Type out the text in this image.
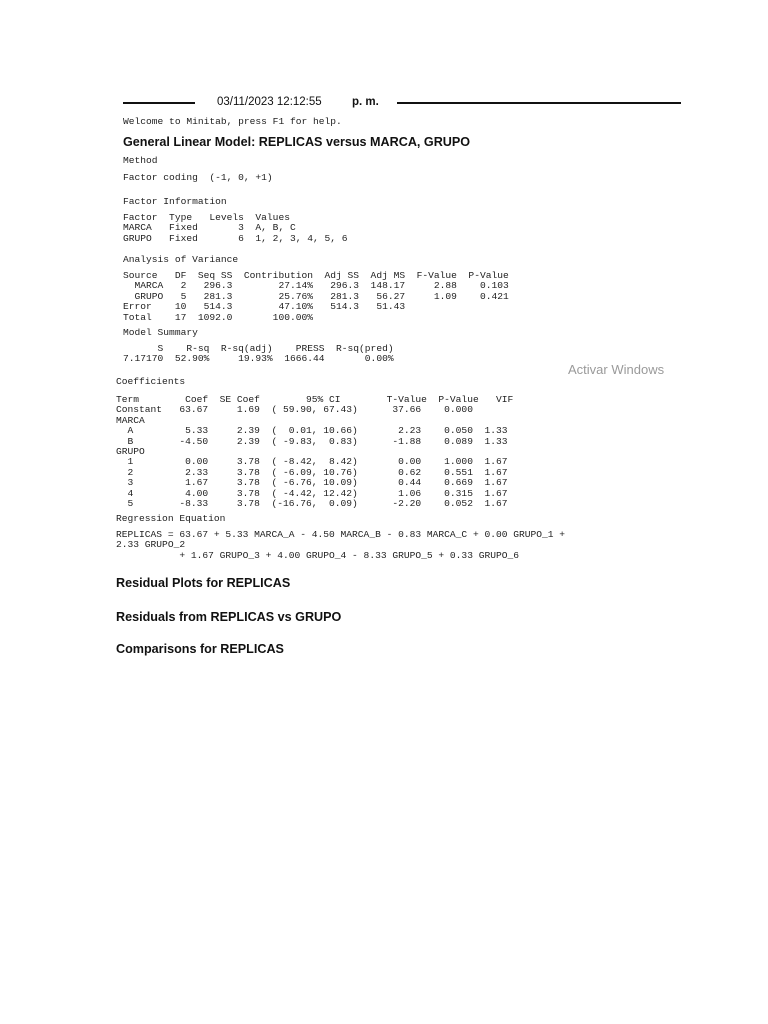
03/11/2023 12:12:55	p. m.
Welcome to Minitab, press F1 for help.
General Linear Model: REPLICAS versus MARCA, GRUPO
Method
Factor coding  (-1, 0, +1)
Factor Information
Factor  Type   Levels  Values
MARCA   Fixed       3  A, B, C
GRUPO   Fixed       6  1, 2, 3, 4, 5, 6
Analysis of Variance
Source   DF  Seq SS  Contribution  Adj SS  Adj MS  F-Value  P-Value
MARCA   2   296.3        27.14%   296.3  148.17     2.88    0.103
GRUPO   5   281.3        25.76%   281.3   56.27     1.09    0.421
Error    10   514.3        47.10%   514.3   51.43
Total    17  1092.0       100.00%
Model Summary
S    R-sq  R-sq(adj)    PRESS  R-sq(pred)
7.17170  52.90%     19.93%  1666.44       0.00%
Activar Windows
Coefficients
Term        Coef  SE Coef        95% CI        T-Value  P-Value   VIF
Constant   63.67     1.69  ( 59.90, 67.43)      37.66    0.000
MARCA
A         5.33     2.39  (  0.01, 10.66)       2.23    0.050  1.33
B        -4.50     2.39  ( -9.83,  0.83)      -1.88    0.089  1.33
GRUPO
1         0.00     3.78  ( -8.42,  8.42)       0.00    1.000  1.67
2         2.33     3.78  ( -6.09, 10.76)       0.62    0.551  1.67
3         1.67     3.78  ( -6.76, 10.09)       0.44    0.669  1.67
4         4.00     3.78  ( -4.42, 12.42)       1.06    0.315  1.67
5        -8.33     3.78  (-16.76,  0.09)      -2.20    0.052  1.67
Regression Equation
REPLICAS = 63.67 + 5.33 MARCA_A - 4.50 MARCA_B - 0.83 MARCA_C + 0.00 GRUPO_1 +
2.33 GRUPO_2
+ 1.67 GRUPO_3 + 4.00 GRUPO_4 - 8.33 GRUPO_5 + 0.33 GRUPO_6
Residual Plots for REPLICAS
Residuals from REPLICAS vs GRUPO
Comparisons for REPLICAS
